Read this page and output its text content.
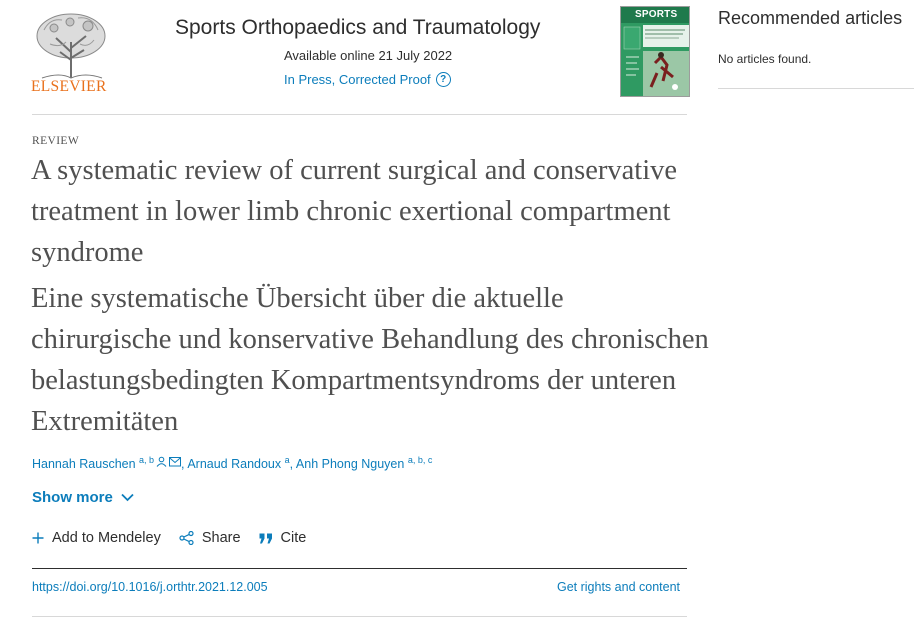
ELSEVIER
Sports Orthopaedics and Traumatology
Available online 21 July 2022
In Press, Corrected Proof ?
SPORTS Recommended articles
No articles found.
REVIEW
A systematic review of current surgical and conservative treatment in lower limb chronic exertional compartment syndrome
Eine systematische Übersicht über die aktuelle chirurgische und konservative Behandlung des chronischen belastungsbedingten Kompartmentsyndroms der unteren Extremitäten
Hannah Rauschen $^{a, b}$ , Arnaud Randoux $^a$, Anh Phong Nguyen $^{a, b, c}$
Show more
Add to Mendeley	Share	Cite
https://doi.org/10.1016/j.orthtr.2021.12.005	Get rights and content
